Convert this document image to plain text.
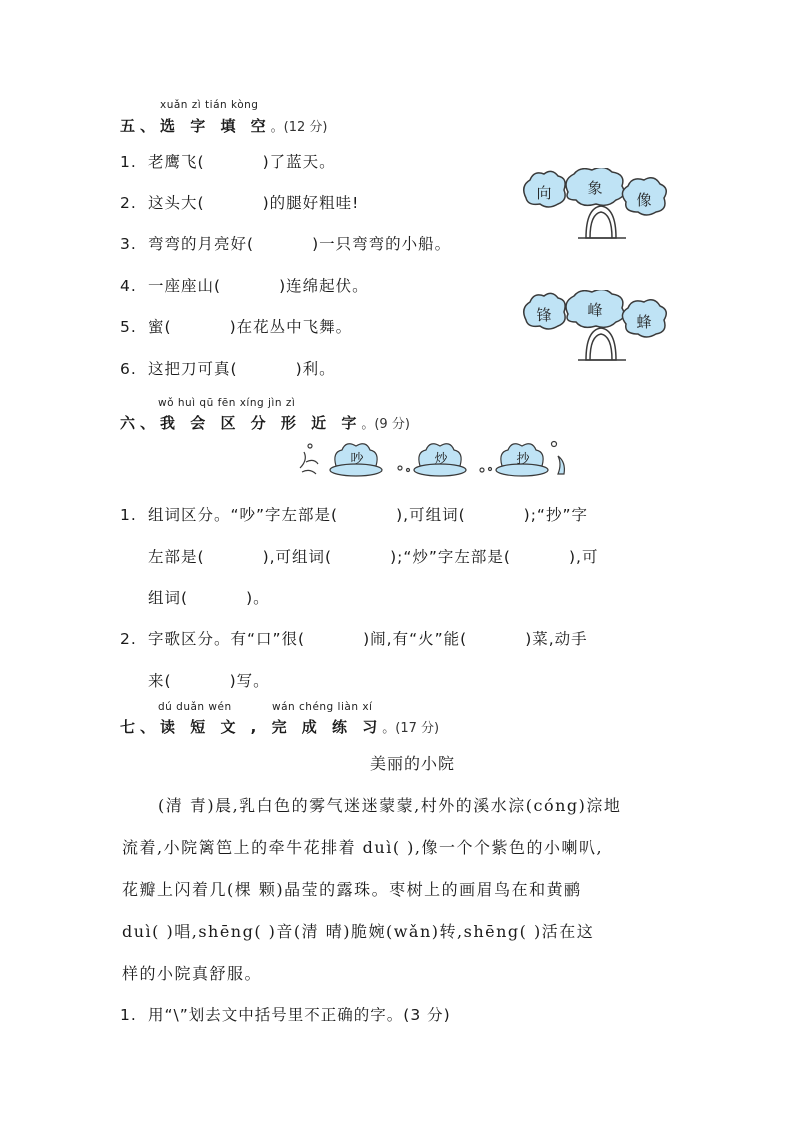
xuǎn zì tián kòng
五、选 字 填 空。(12 分)
1. 老鹰飞(	)了蓝天。
2. 这头大(	)的腿好粗哇!
3. 弯弯的月亮好(	)一只弯弯的小船。
4. 一座座山(	)连绵起伏。
5. 蜜(	)在花丛中飞舞。
6. 这把刀可真(	)利。
向 象
像
锋 峰
蜂
wǒ huì qū fēn xíng jìn zì
六、我 会 区 分 形 近 字。(9 分)
吵	炒	抄
1. 组词区分。“吵”字左部是(	),可组词(	);“抄”字
左部是(	),可组词(	);“炒”字左部是(	),可
组词(	)。
2. 字歌区分。有“口”很(	)闹,有“火”能(	)菜,动手
来(	)写。
dú duǎn wén	wán chéng liàn xí
七、读 短 文 , 完 成 练 习。(17 分)
美丽的小院
(清 青)晨,乳白色的雾气迷迷蒙蒙,村外的溪水淙(cóng)淙地
流着,小院篱笆上的牵牛花排着 duì( ),像一个个紫色的小喇叭,
花瓣上闪着几(棵 颗)晶莹的露珠。枣树上的画眉鸟在和黄鹂
duì( )唱,shēng( )音(清 晴)脆婉(wǎn)转,shēng( )活在这
样的小院真舒服。
1. 用“\”划去文中括号里不正确的字。(3 分)
